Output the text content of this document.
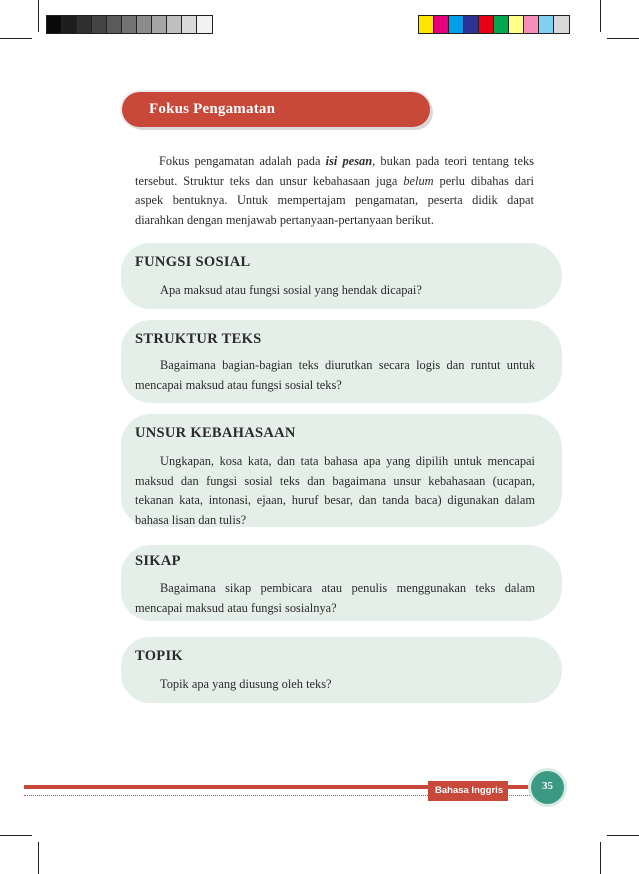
Fokus Pengamatan

Fokus pengamatan adalah pada isi pesan, bukan pada teori tentang teks tersebut. Struktur teks dan unsur kebahasaan juga belum perlu dibahas dari aspek bentuknya. Untuk mempertajam pengamatan, peserta didik dapat diarahkan dengan menjawab pertanyaan-pertanyaan berikut.

FUNGSI SOSIAL

Apa maksud atau fungsi sosial yang hendak dicapai?

STRUKTUR TEKS

Bagaimana bagian-bagian teks diurutkan secara logis dan runtut untuk mencapai maksud atau fungsi sosial teks?

UNSUR KEBAHASAAN

Ungkapan, kosa kata, dan tata bahasa apa yang dipilih untuk mencapai maksud dan fungsi sosial teks dan bagaimana unsur kebahasaan (ucapan, tekanan kata, intonasi, ejaan, huruf besar, dan tanda baca) digunakan dalam bahasa lisan dan tulis?

SIKAP

Bagaimana sikap pembicara atau penulis menggunakan teks dalam mencapai maksud atau fungsi sosialnya?

TOPIK

Topik apa yang diusung oleh teks?

Bahasa Inggris	35
